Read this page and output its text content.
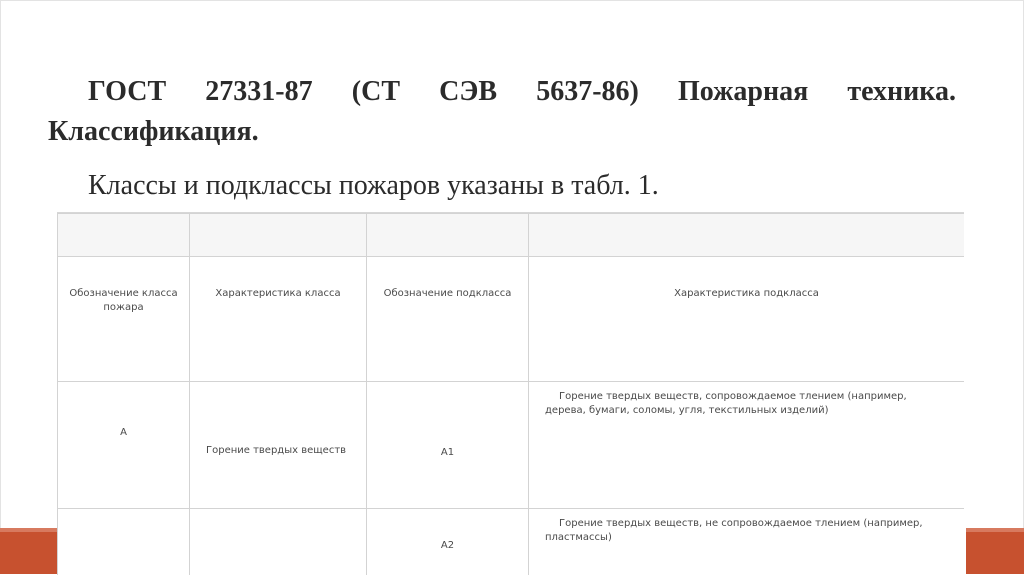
ГОСТ 27331-87 (СТ СЭВ 5637-86) Пожарная техника. Классификация.
Классы и подклассы пожаров указаны в табл. 1.

Обозначение класса пожара	Характеристика класса	Обозначение подкласса	Характеристика подкласса

А	Горение твердых веществ	А1	Горение твердых веществ, сопровождаемое тлением (например, дерева, бумаги, соломы, угля, текстильных изделий)

		А2	Горение твердых веществ, не сопровождаемое тлением (например, пластмассы)
